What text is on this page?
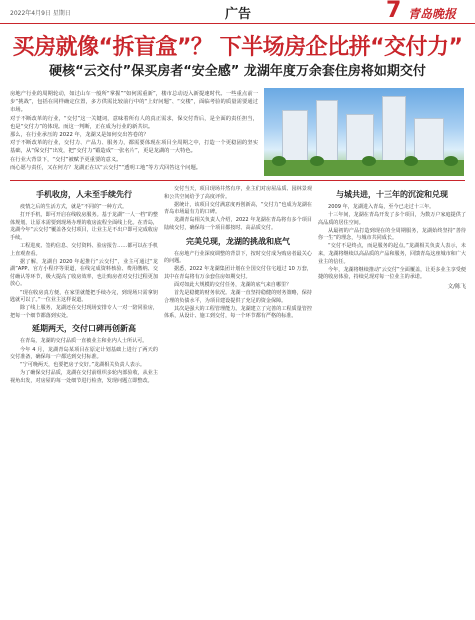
2022年4月9日 星期日	广告	7 青岛晚报
买房就像“拆盲盒”？ 下半场房企比拼“交付力”
硬核“云交付”保买房者“安全感” 龙湖年度万余套住房将如期交付

房地产行业的周期轮动，如过山车一般所“掌握”“如何需重新”，楼市总动迈入新提速时代。一些重点前一步“挑战”，包括在同样确定位置，多方供需比较前行中的“上好问题”、“交楼”，面临考验的质量需要通过市场。

对于不断改革的行业，“交付”这一关键词，意味着所有人的真正需求，保交付背后，是全面的责任担当，也是“交付力”的体现。而这一判断，正在成为行业的新共识。

那么，在行业承压的 2022 年，龙湖又是如何交出答卷的？

对于不断改革的行业，交付力、产品力、服务力，都需要体现在项目全周期之中，打造一个更稳固的坚实基础，从“保交付”出发，把“交付力”锻造成“一张名片”，更是龙湖的一大特色。

在行业大背景下，“交付”被赋予更重要的意义。

而心愿与责任，又在何方？龙湖正在以“云交付”“透明工地”等方式回答这个问题。

手机收房，人未至手续先行

疫情之后的生活方式，就是“不同的”一种方式。

打开手机，即可开启在线收房服务。基于龙湖“一人一档”的整体规划，让原本需要到现场办理的收房流程全面线上化。在青岛，龙湖今年“云交付”覆盖各交付项目，让业主足不出户即可完成收房手续。

工程进度、签约信息、交付资料、验房报告……都可以在手机上直观查看。

据了解，龙湖自 2020 年起推行“云交付”，业主可通过“龙湖”APP、官方小程序等渠道，在线完成资料核验、费用缴纳、交付确认等环节，极大提高了收房效率，也让购房者对交付过程更加放心。

“现在收房真方便，在家里就能把手续办完，到现场只需拿钥匙就可以了。”一位业主这样说道。

除了线上服务，龙湖还在交付现场安排专人一对一陪同验房，把每一个细节都落到实处。

延期两天，交付口碑再创新高

在青岛，龙湖的交付品质一直被业主和业内人士所认可。

今年 4 月，龙湖青岛某项目在原定计划基础上进行了两天的交付准备，确保每一户都达到交付标准。

“宁可晚两天，也要把房子交好。”龙湖相关负责人表示。

为了确保交付品质，龙湖在交付前组织多轮内部验收，从业主视角出发，对房屋的每一处细节进行检查，发现问题立即整改。

交付当天，项目现场井然有序，业主们对房屋品质、园林景观和公共空间给予了高度评价。

据统计，该项目交付满意度再创新高，“交付力”也成为龙湖在青岛市场最有力的口碑。

龙湖青岛相关负责人介绍，2022 年龙湖在青岛将有多个项目陆续交付，确保每一个项目都按时、高品质交付。

完美兑现，龙湖的挑战和底气

在房地产行业深度调整的背景下，按时交付成为购房者最关心的问题。

据悉，2022 年龙湖集团计划在全国交付住宅超过 10 万套，其中在青岛将有万余套住房如期交付。

面对如此大规模的交付任务，龙湖的底气来自哪里？

首先是稳健的财务状况。龙湖一直坚持稳健的财务策略，保持合理的负债水平，为项目建设提供了充足的资金保障。

其次是强大的工程管理能力。龙湖建立了完善的工程质量管控体系，从设计、施工到交付，每一个环节都有严格的标准。

与城共进，十三年的沉淀和兑现

2009 年，龙湖进入青岛，至今已走过十三年。

十三年间，龙湖在青岛开发了多个项目，为数万户家庭提供了高品质的居住空间。

从最初的产品打造到现在的全周期服务，龙湖始终坚持“善待你一生”的理念，与城市共同成长。

“交付不是终点，而是服务的起点。”龙湖相关负责人表示，未来，龙湖将继续以高品质的产品和服务，回馈青岛这座城市和广大业主的信任。

今年，龙湖将继续推动“云交付”全面覆盖，让更多业主享受便捷的收房体验，持续兑现对每一位业主的承诺。

文/陈飞
